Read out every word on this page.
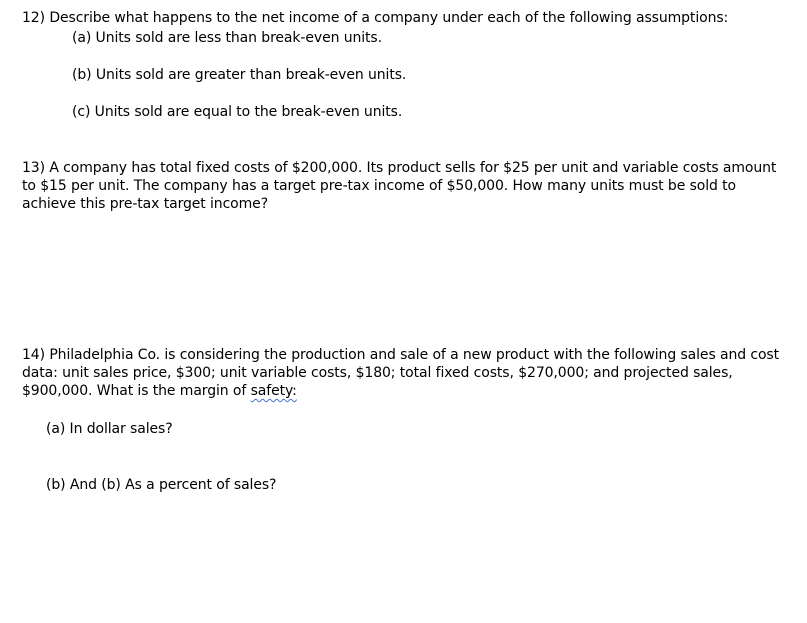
12) Describe what happens to the net income of a company under each of the following assumptions:
(a) Units sold are less than break-even units.
(b) Units sold are greater than break-even units.
(c) Units sold are equal to the break-even units.
13) A company has total fixed costs of $200,000. Its product sells for $25 per unit and variable costs amount to $15 per unit. The company has a target pre-tax income of $50,000. How many units must be sold to achieve this pre-tax target income?
14) Philadelphia Co. is considering the production and sale of a new product with the following sales and cost data: unit sales price, $300; unit variable costs, $180; total fixed costs, $270,000; and projected sales, $900,000. What is the margin of safety:
(a) In dollar sales?
(b) And (b) As a percent of sales?
